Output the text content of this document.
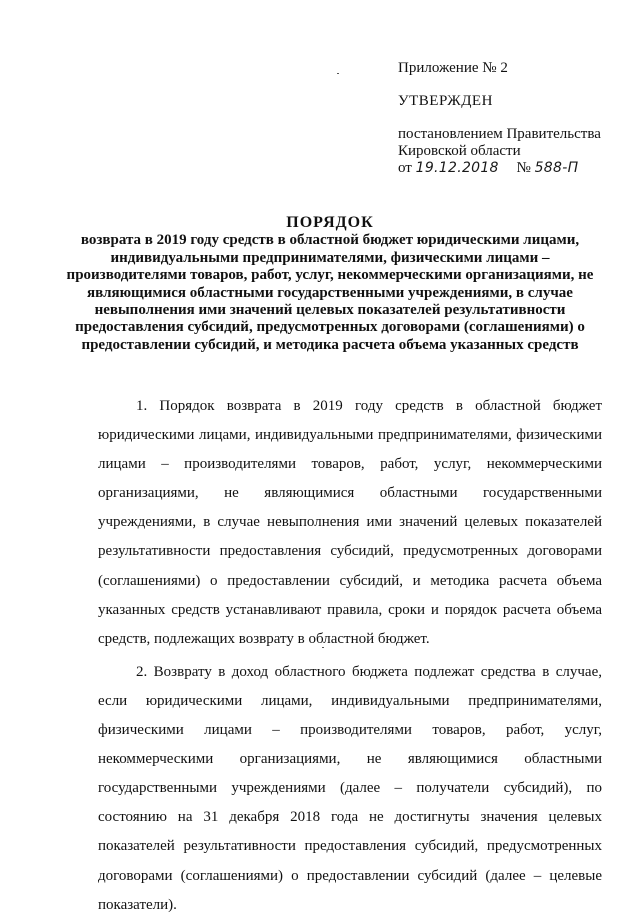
Приложение № 2
УТВЕРЖДЕН
постановлением Правительства
Кировской области
от 19.12.2018 № 588-П
ПОРЯДОК
возврата в 2019 году средств в областной бюджет юридическими лицами, индивидуальными предпринимателями, физическими лицами – производителями товаров, работ, услуг, некоммерческими организациями, не являющимися областными государственными учреждениями, в случае невыполнения ими значений целевых показателей результативности предоставления субсидий, предусмотренных договорами (соглашениями) о предоставлении субсидий, и методика расчета объема указанных средств

1. Порядок возврата в 2019 году средств в областной бюджет юридическими лицами, индивидуальными предпринимателями, физическими лицами – производителями товаров, работ, услуг, некоммерческими организациями, не являющимися областными государственными учреждениями, в случае невыполнения ими значений целевых показателей результативности предоставления субсидий, предусмотренных договорами (соглашениями) о предоставлении субсидий, и методика расчета объема указанных средств устанавливают правила, сроки и порядок расчета объема средств, подлежащих возврату в областной бюджет.

2. Возврату в доход областного бюджета подлежат средства в случае, если юридическими лицами, индивидуальными предпринимателями, физическими лицами – производителями товаров, работ, услуг, некоммерческими организациями, не являющимися областными государственными учреждениями (далее – получатели субсидий), по состоянию на 31 декабря 2018 года не достигнуты значения целевых показателей результативности предоставления субсидий, предусмотренных договорами (соглашениями) о предоставлении субсидий (далее – целевые показатели).
